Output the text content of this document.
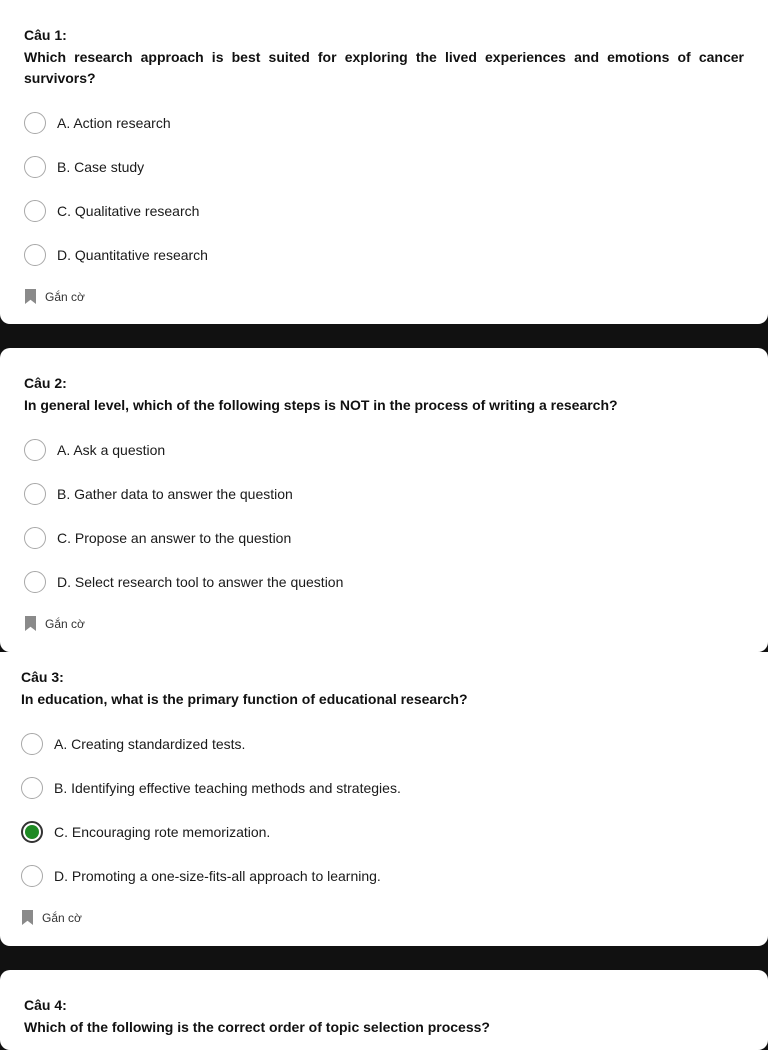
Câu 1:
Which research approach is best suited for exploring the lived experiences and emotions of cancer survivors?
A. Action research
B. Case study
C. Qualitative research
D. Quantitative research
Gắn cờ
Câu 2:
In general level, which of the following steps is NOT in the process of writing a research?
A. Ask a question
B. Gather data to answer the question
C. Propose an answer to the question
D. Select research tool to answer the question
Gắn cờ
Câu 3:
In education, what is the primary function of educational research?
A. Creating standardized tests.
B. Identifying effective teaching methods and strategies.
C. Encouraging rote memorization.
D. Promoting a one-size-fits-all approach to learning.
Gắn cờ
Câu 4:
Which of the following is the correct order of topic selection process?
